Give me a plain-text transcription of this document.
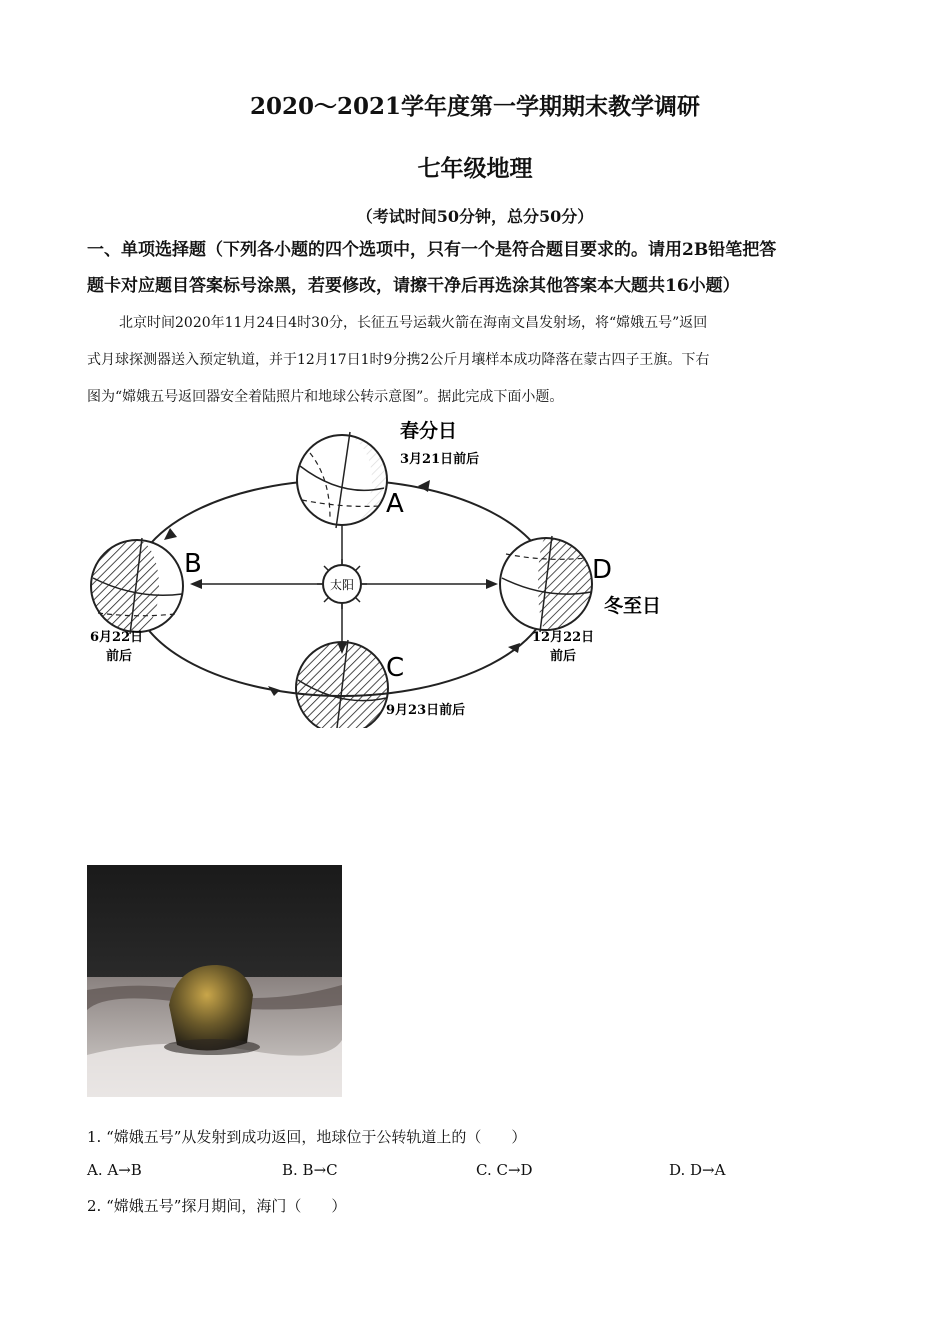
2020～2021学年度第一学期期末教学调研
七年级地理
（考试时间50分钟，总分50分）
一、单项选择题（下列各小题的四个选项中，只有一个是符合题目要求的。请用2B铅笔把答
题卡对应题目答案标号涂黑，若要修改，请擦干净后再选涂其他答案本大题共16小题）
北京时间2020年11月24日4时30分，长征五号运载火箭在海南文昌发射场，将“嫦娥五号”返回
式月球探测器送入预定轨道，并于12月17日1时9分携2公斤月壤样本成功降落在蒙古四子王旗。下右
图为“嫦娥五号返回器安全着陆照片和地球公转示意图”。据此完成下面小题。
太阳
春分日
3月21日前后
A
B
6月22日
前后	C
9月23日前后
D
冬至日
12月22日
前后
1. “嫦娥五号”从发射到成功返回，地球位于公转轨道上的（　　）
A. A→B	B. B→C	C. C→D	D. D→A
2. “嫦娥五号”探月期间，海门（　　）
